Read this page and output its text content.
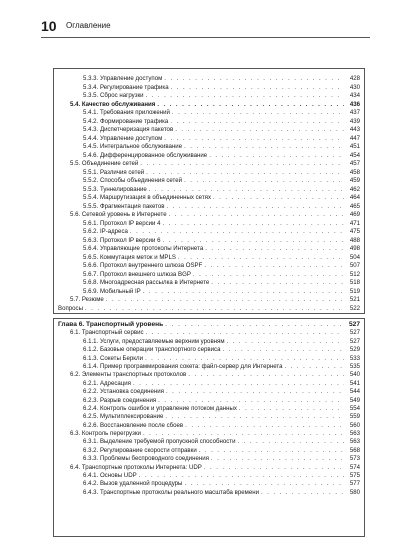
10 Оглавление
5.3.3. Управление доступом . . .	428
5.3.4. Регулирование трафика . . .	430
5.3.5. Сброс нагрузки . . .	434
5.4. Качество обслуживания . . .	436
5.4.1. Требования приложений . . .	437
5.4.2. Формирование трафика . . .	439
5.4.3. Диспетчеризация пакетов . . .	443
5.4.4. Управление доступом . . .	447
5.4.5. Интегральное обслуживание . . .	451
5.4.6. Дифференцированное обслуживание . . .	454
5.5. Объединение сетей . . .	457
5.5.1. Различия сетей . . .	458
5.5.2. Способы объединения сетей . . .	459
5.5.3. Туннелирование . . .	462
5.5.4. Маршрутизация в объединенных сетях . . .	464
5.5.5. Фрагментация пакетов . . .	465
5.6. Сетевой уровень в Интернете . . .	469
5.6.1. Протокол IP версии 4 . . .	471
5.6.2. IP-адреса . . .	475
5.6.3. Протокол IP версии 6 . . .	488
5.6.4. Управляющие протоколы Интернета . . .	498
5.6.5. Коммутация меток и MPLS . . .	504
5.6.6. Протокол внутреннего шлюза OSPF . . .	507
5.6.7. Протокол внешнего шлюза BGP . . .	512
5.6.8. Многоадресная рассылка в Интернете . . .	518
5.6.9. Мобильный IP . . .	519
5.7. Резюме . . .	521
Вопросы . . .	522
Глава 6. Транспортный уровень . . .	527
6.1. Транспортный сервис . . .	527
6.1.1. Услуги, предоставляемые верхним уровням . . .	527
6.1.2. Базовые операции транспортного сервиса . . .	529
6.1.3. Сокеты Беркли . . .	533
6.1.4. Пример программирования сокета: файл-сервер для Интернета . . .	535
6.2. Элементы транспортных протоколов . . .	540
6.2.1. Адресация . . .	541
6.2.2. Установка соединения . . .	544
6.2.3. Разрыв соединения . . .	549
6.2.4. Контроль ошибок и управление потоком данных . . .	554
6.2.5. Мультиплексирование . . .	559
6.2.6. Восстановление после сбоев . . .	560
6.3. Контроль перегрузки . . .	563
6.3.1. Выделение требуемой пропускной способности . . .	563
6.3.2. Регулирование скорости отправки . . .	568
6.3.3. Проблемы беспроводного соединения . . .	573
6.4. Транспортные протоколы Интернета: UDP . . .	574
6.4.1. Основы UDP . . .	575
6.4.2. Вызов удаленной процедуры . . .	577
6.4.3. Транспортные протоколы реального масштаба времени . . .	580
